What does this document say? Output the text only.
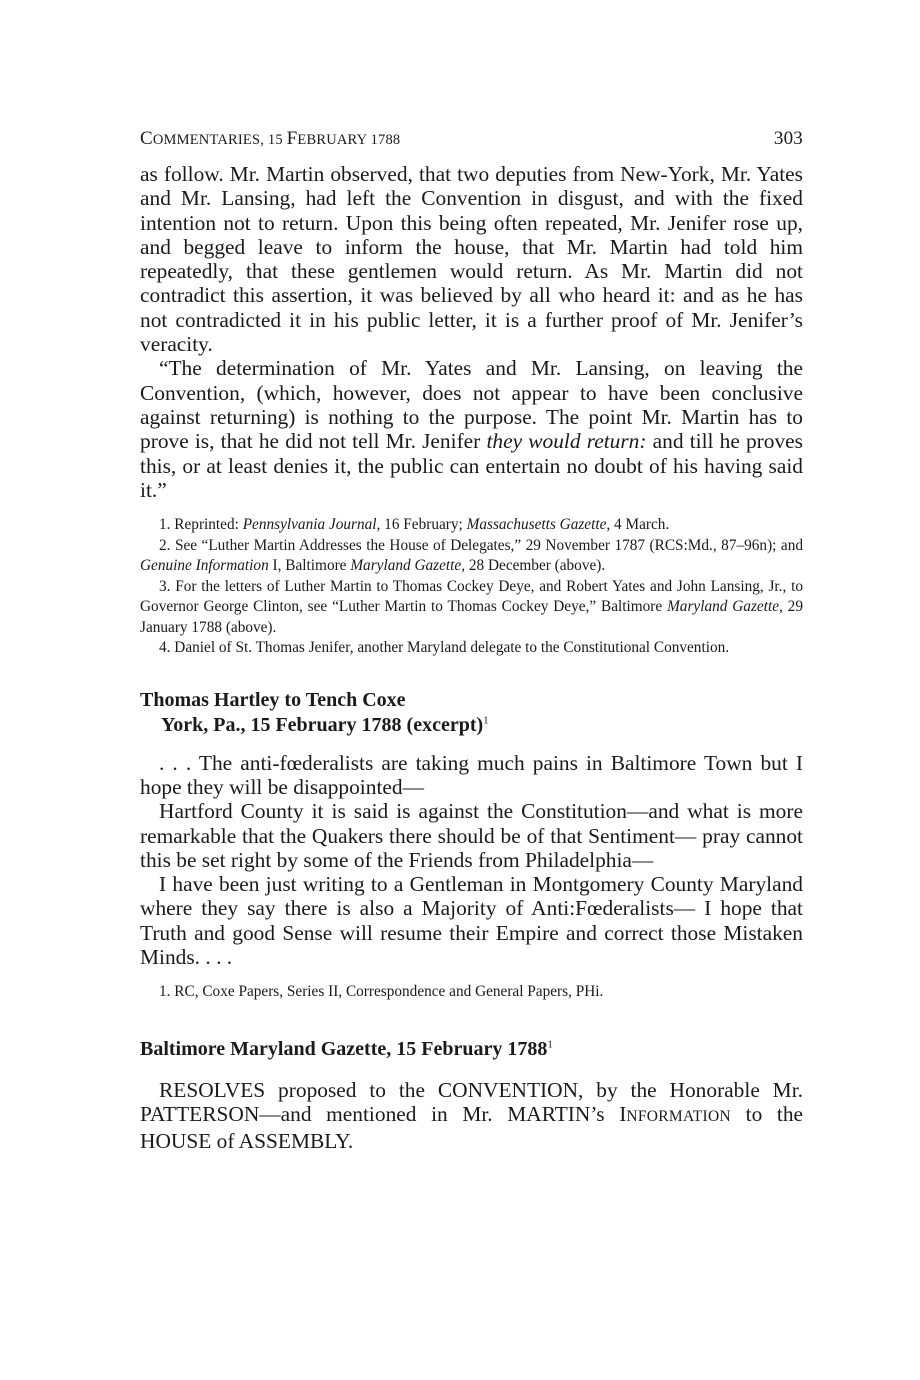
COMMENTARIES, 15 FEBRUARY 1788	303

as follow. Mr. Martin observed, that two deputies from New-York, Mr. Yates and Mr. Lansing, had left the Convention in disgust, and with the fixed intention not to return. Upon this being often repeated, Mr. Jenifer rose up, and begged leave to inform the house, that Mr. Martin had told him repeatedly, that these gentlemen would return. As Mr. Martin did not contradict this assertion, it was believed by all who heard it: and as he has not contradicted it in his public letter, it is a further proof of Mr. Jenifer’s veracity.

“The determination of Mr. Yates and Mr. Lansing, on leaving the Convention, (which, however, does not appear to have been conclusive against returning) is nothing to the purpose. The point Mr. Martin has to prove is, that he did not tell Mr. Jenifer they would return: and till he proves this, or at least denies it, the public can entertain no doubt of his having said it.”

1. Reprinted: Pennsylvania Journal, 16 February; Massachusetts Gazette, 4 March.

2. See “Luther Martin Addresses the House of Delegates,” 29 November 1787 (RCS:Md., 87–96n); and Genuine Information I, Baltimore Maryland Gazette, 28 December (above).

3. For the letters of Luther Martin to Thomas Cockey Deye, and Robert Yates and John Lansing, Jr., to Governor George Clinton, see “Luther Martin to Thomas Cockey Deye,” Baltimore Maryland Gazette, 29 January 1788 (above).

4. Daniel of St. Thomas Jenifer, another Maryland delegate to the Constitutional Convention.

Thomas Hartley to Tench Coxe

York, Pa., 15 February 1788 (excerpt)$^1$

. . . The anti-fœderalists are taking much pains in Baltimore Town but I hope they will be disappointed—

Hartford County it is said is against the Constitution—and what is more remarkable that the Quakers there should be of that Sentiment— pray cannot this be set right by some of the Friends from Philadelphia—

I have been just writing to a Gentleman in Montgomery County Maryland where they say there is also a Majority of Anti:Fœderalists— I hope that Truth and good Sense will resume their Empire and correct those Mistaken Minds. . . .

1. RC, Coxe Papers, Series II, Correspondence and General Papers, PHi.

Baltimore Maryland Gazette, 15 February 1788$^1$

RESOLVES proposed to the CONVENTION, by the Honorable Mr. PATTERSON—and mentioned in Mr. MARTIN’s INFORMATION to the HOUSE of ASSEMBLY.
